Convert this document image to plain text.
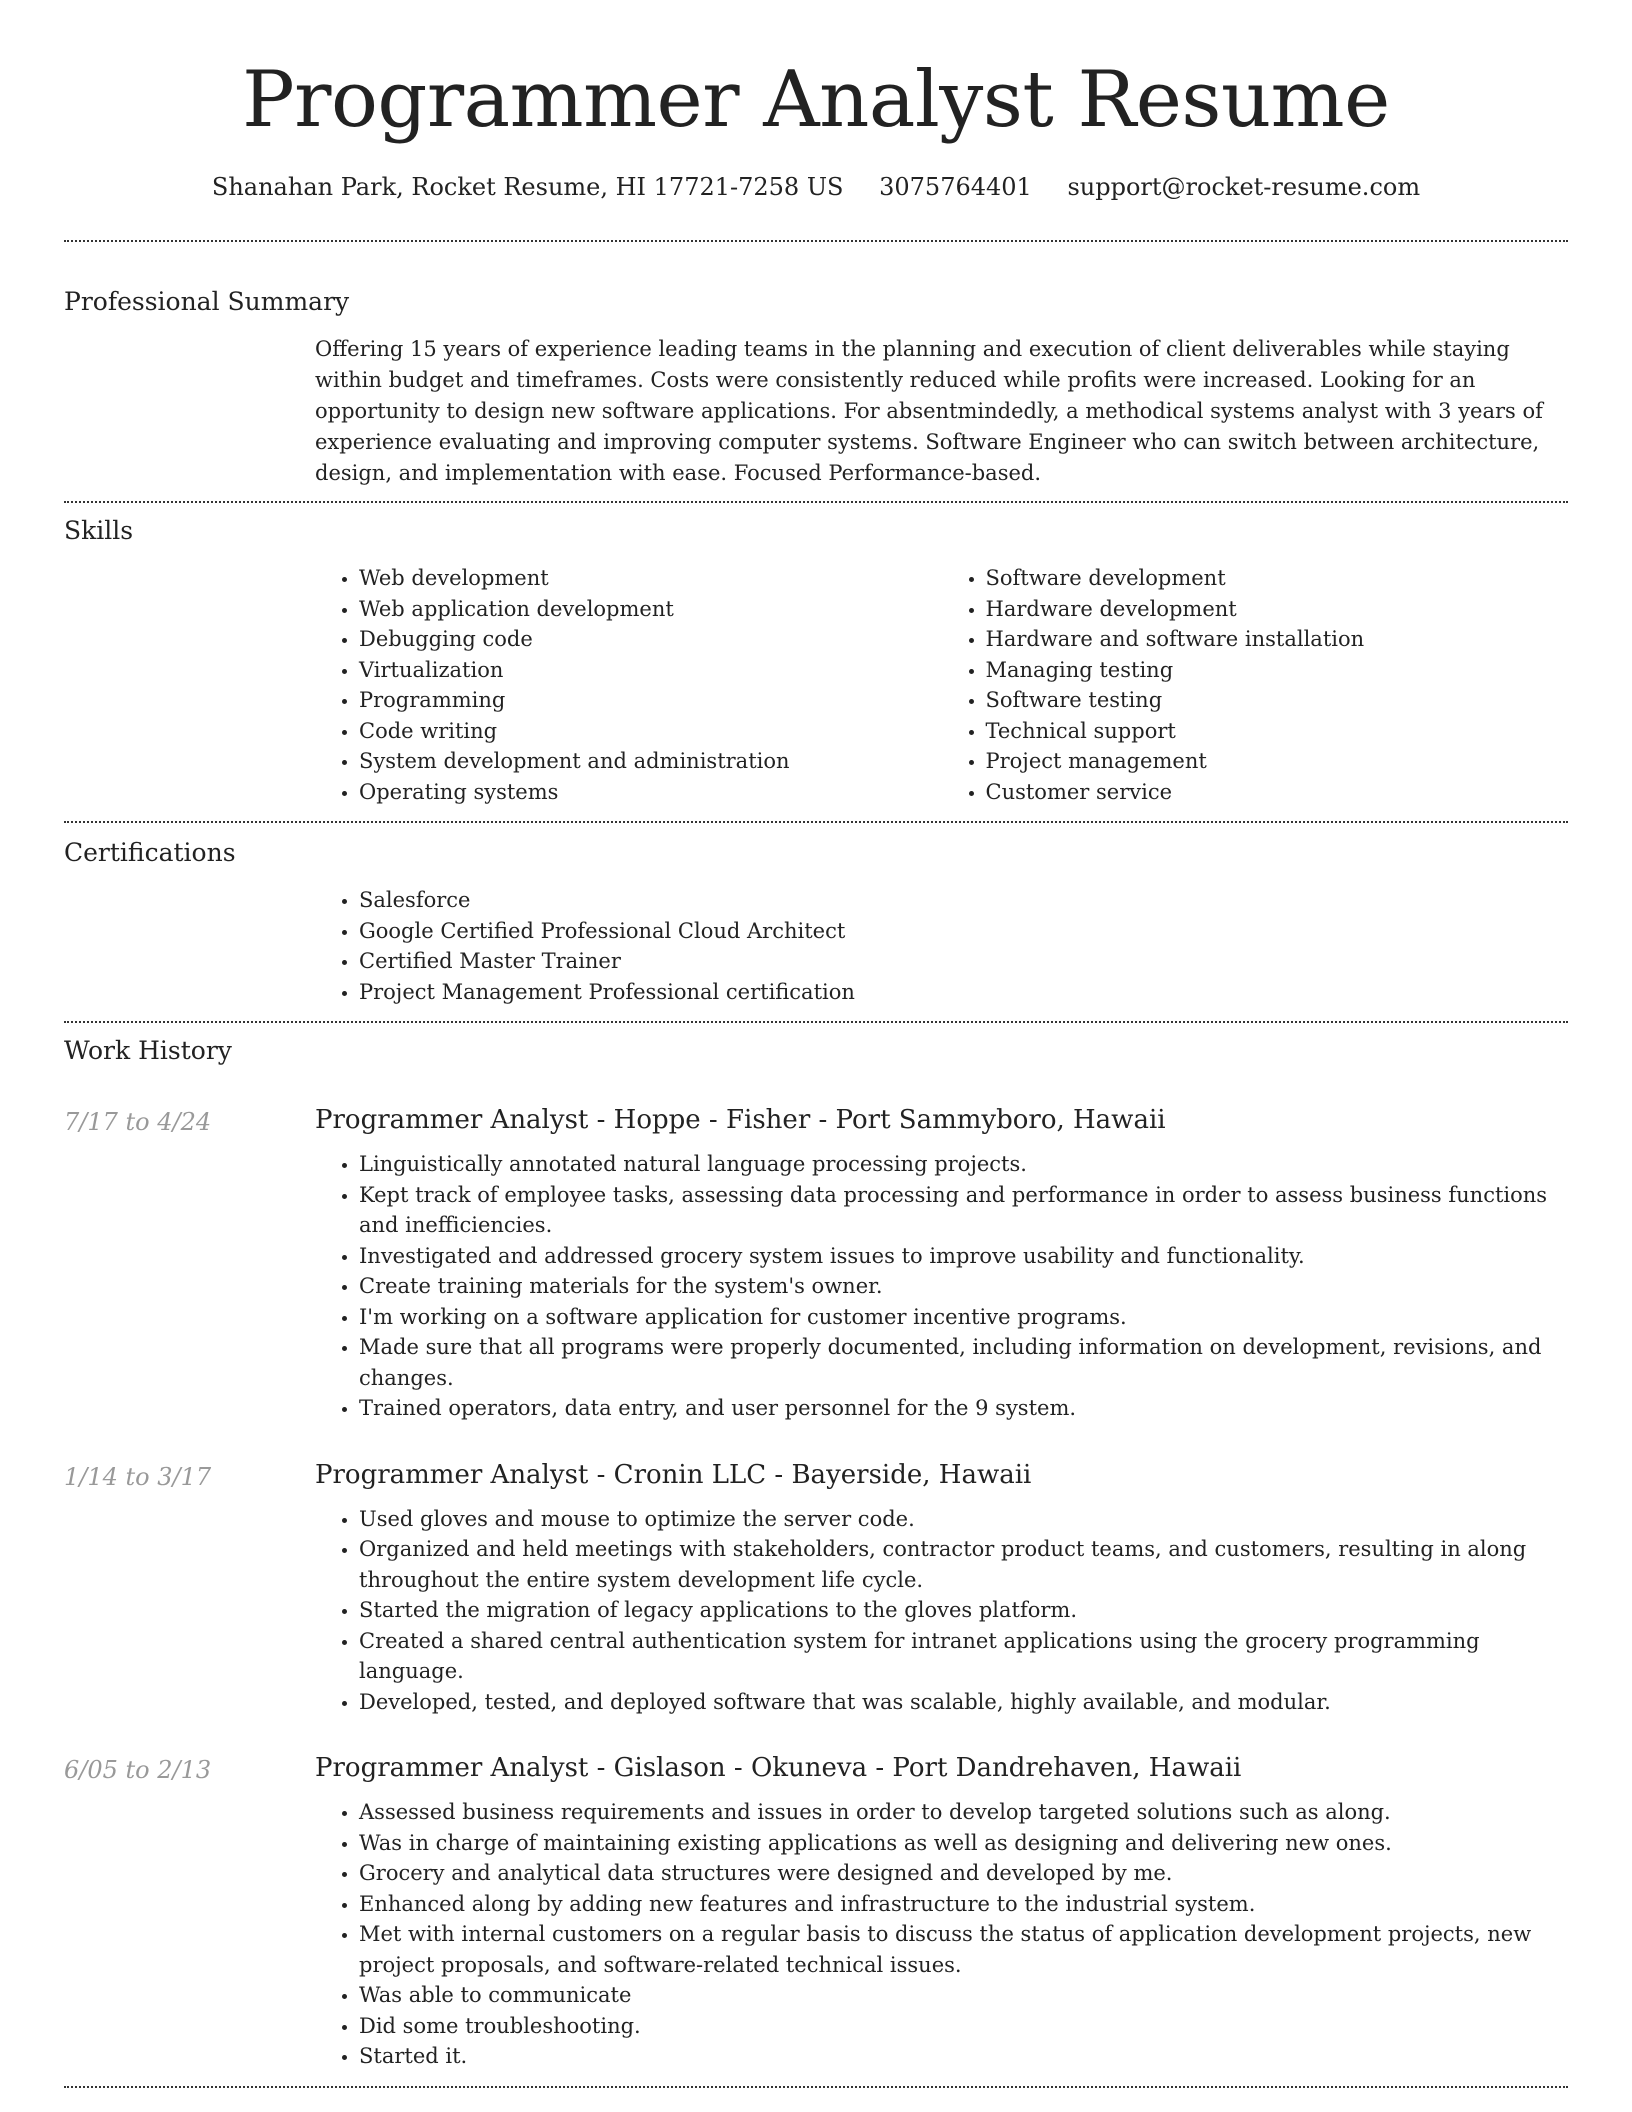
Programmer Analyst Resume
Shanahan Park, Rocket Resume, HI 17721-7258 US 3075764401 support@rocket-resume.com
Professional Summary
Offering 15 years of experience leading teams in the planning and execution of client deliverables while staying within budget and timeframes. Costs were consistently reduced while profits were increased. Looking for an opportunity to design new software applications. For absentmindedly, a methodical systems analyst with 3 years of experience evaluating and improving computer systems. Software Engineer who can switch between architecture, design, and implementation with ease. Focused Performance-based.
Skills
• Web development
• Web application development
• Debugging code
• Virtualization
• Programming
• Code writing
• System development and administration
• Operating systems
• Software development
• Hardware development
• Hardware and software installation
• Managing testing
• Software testing
• Technical support
• Project management
• Customer service
Certifications
• Salesforce
• Google Certified Professional Cloud Architect
• Certified Master Trainer
• Project Management Professional certification
Work History
7/17 to 4/24	Programmer Analyst - Hoppe - Fisher - Port Sammyboro, Hawaii
• Linguistically annotated natural language processing projects.
• Kept track of employee tasks, assessing data processing and performance in order to assess business functions and inefficiencies.
• Investigated and addressed grocery system issues to improve usability and functionality.
• Create training materials for the system's owner.
• I'm working on a software application for customer incentive programs.
• Made sure that all programs were properly documented, including information on development, revisions, and changes.
• Trained operators, data entry, and user personnel for the 9 system.
1/14 to 3/17	Programmer Analyst - Cronin LLC - Bayerside, Hawaii
• Used gloves and mouse to optimize the server code.
• Organized and held meetings with stakeholders, contractor product teams, and customers, resulting in along throughout the entire system development life cycle.
• Started the migration of legacy applications to the gloves platform.
• Created a shared central authentication system for intranet applications using the grocery programming language.
• Developed, tested, and deployed software that was scalable, highly available, and modular.
6/05 to 2/13	Programmer Analyst - Gislason - Okuneva - Port Dandrehaven, Hawaii
• Assessed business requirements and issues in order to develop targeted solutions such as along.
• Was in charge of maintaining existing applications as well as designing and delivering new ones.
• Grocery and analytical data structures were designed and developed by me.
• Enhanced along by adding new features and infrastructure to the industrial system.
• Met with internal customers on a regular basis to discuss the status of application development projects, new project proposals, and software-related technical issues.
• Was able to communicate
• Did some troubleshooting.
• Started it.
